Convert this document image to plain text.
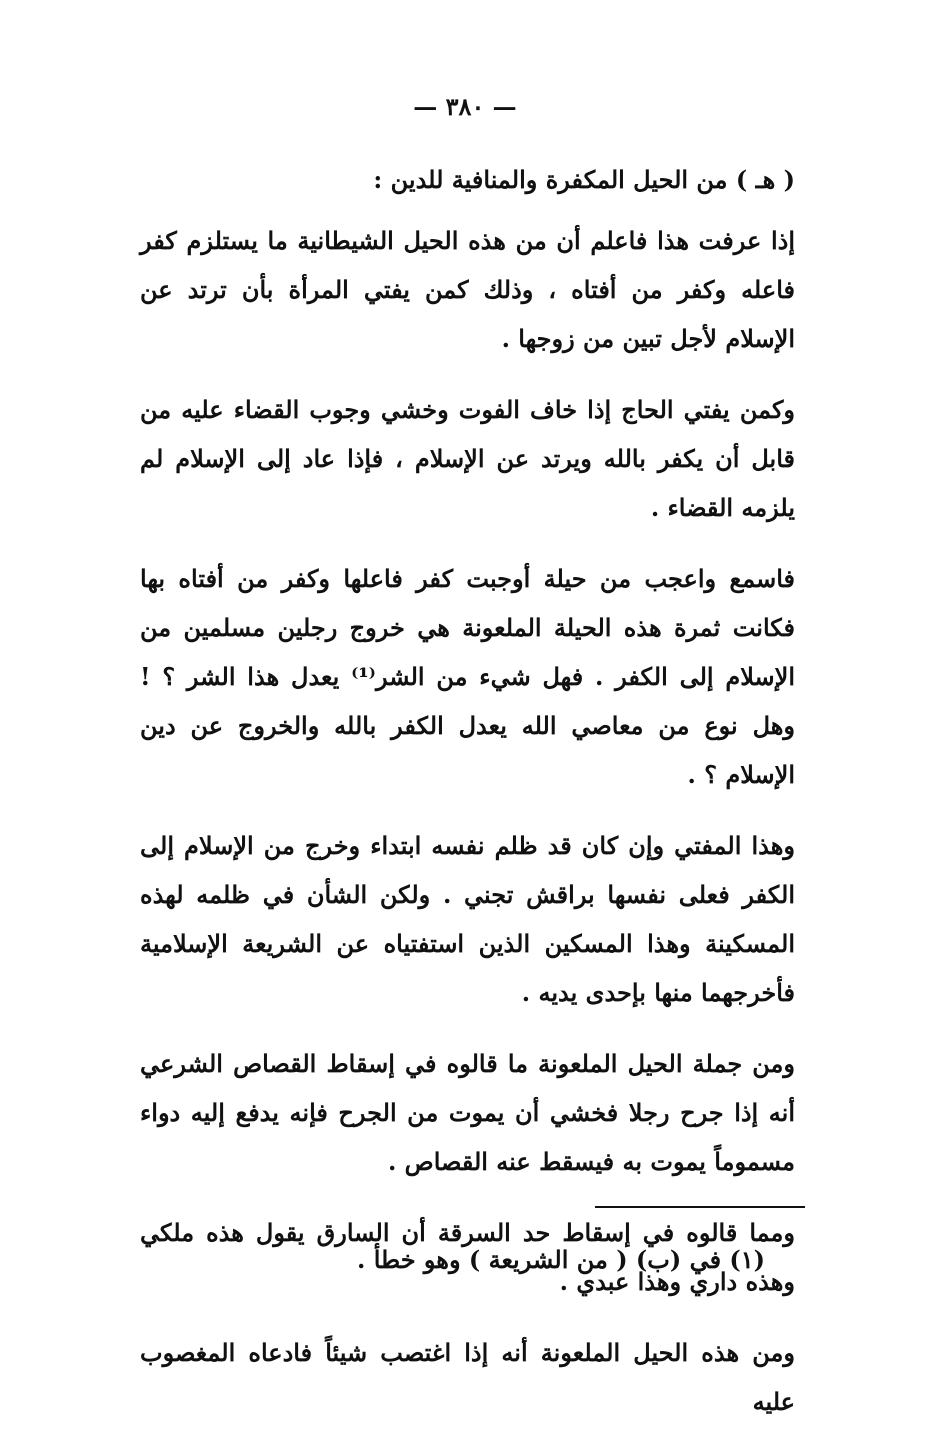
— ٣٨٠ —
( هـ ) من الحيل المكفرة والمنافية للدين :

إذا عرفت هذا فاعلم أن من هذه الحيل الشيطانية ما يستلزم كفر فاعله وكفر من أفتاه ، وذلك كمن يفتي المرأة بأن ترتد عن الإسلام لأجل تبين من زوجها .

وكمن يفتي الحاج إذا خاف الفوت وخشي وجوب القضاء عليه من قابل أن يكفر بالله ويرتد عن الإسلام ، فإذا عاد إلى الإسلام لم يلزمه القضاء .

فاسمع واعجب من حيلة أوجبت كفر فاعلها وكفر من أفتاه بها فكانت ثمرة هذه الحيلة الملعونة هي خروج رجلين مسلمين من الإسلام إلى الكفر . فهل شيء من الشر⁽¹⁾ يعدل هذا الشر ؟ ! وهل نوع من معاصي الله يعدل الكفر بالله والخروج عن دين الإسلام ؟ .

وهذا المفتي وإن كان قد ظلم نفسه ابتداء وخرج من الإسلام إلى الكفر فعلى نفسها براقش تجني . ولكن الشأن في ظلمه لهذه المسكينة وهذا المسكين الذين استفتياه عن الشريعة الإسلامية فأخرجهما منها بإحدى يديه .

ومن جملة الحيل الملعونة ما قالوه في إسقاط القصاص الشرعي أنه إذا جرح رجلا فخشي أن يموت من الجرح فإنه يدفع إليه دواء مسموماً يموت به فيسقط عنه القصاص .

ومما قالوه في إسقاط حد السرقة أن السارق يقول هذه ملكي وهذه داري وهذا عبدي .

ومن هذه الحيل الملعونة أنه إذا اغتصب شيئاً فادعاه المغصوب عليه

(١) في (ب) ( من الشريعة ) وهو خطأ .
